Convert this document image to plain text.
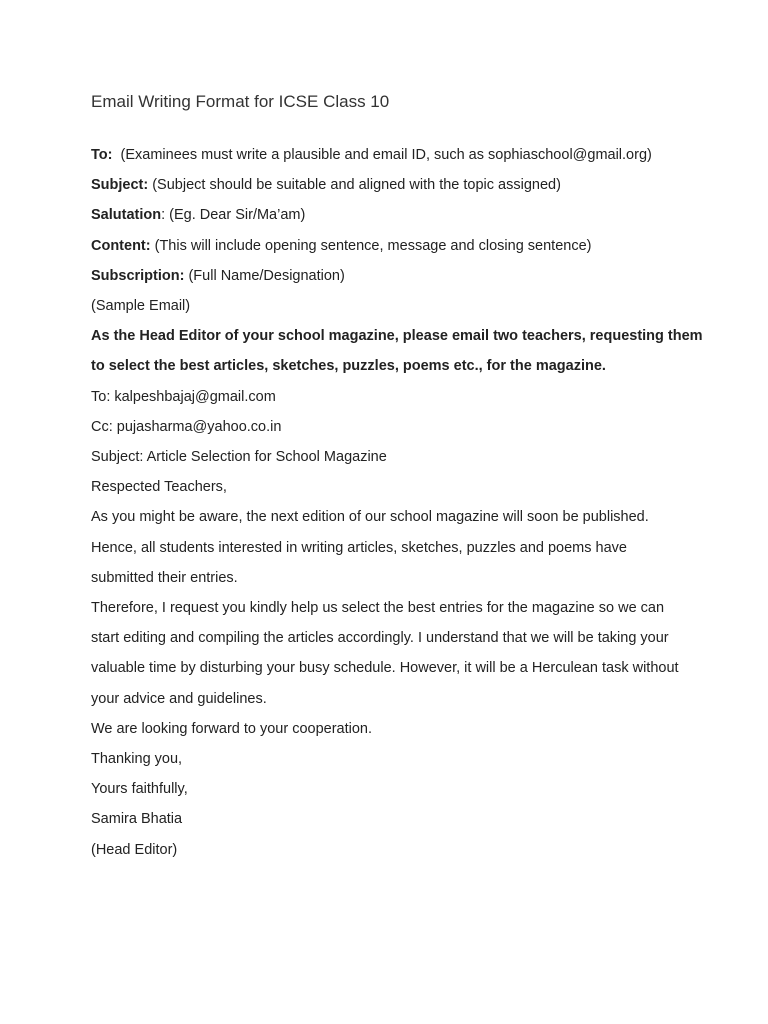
Email Writing Format for ICSE Class 10
To:  (Examinees must write a plausible and email ID, such as sophiaschool@gmail.org)
Subject: (Subject should be suitable and aligned with the topic assigned)
Salutation: (Eg. Dear Sir/Ma’am)
Content: (This will include opening sentence, message and closing sentence)
Subscription: (Full Name/Designation)
(Sample Email)
As the Head Editor of your school magazine, please email two teachers, requesting them
to select the best articles, sketches, puzzles, poems etc., for the magazine.
To: kalpeshbajaj@gmail.com
Cc: pujasharma@yahoo.co.in
Subject: Article Selection for School Magazine
Respected Teachers,
As you might be aware, the next edition of our school magazine will soon be published.
Hence, all students interested in writing articles, sketches, puzzles and poems have
submitted their entries.
Therefore, I request you kindly help us select the best entries for the magazine so we can
start editing and compiling the articles accordingly. I understand that we will be taking your
valuable time by disturbing your busy schedule. However, it will be a Herculean task without
your advice and guidelines.
We are looking forward to your cooperation.
Thanking you,
Yours faithfully,
Samira Bhatia
(Head Editor)
